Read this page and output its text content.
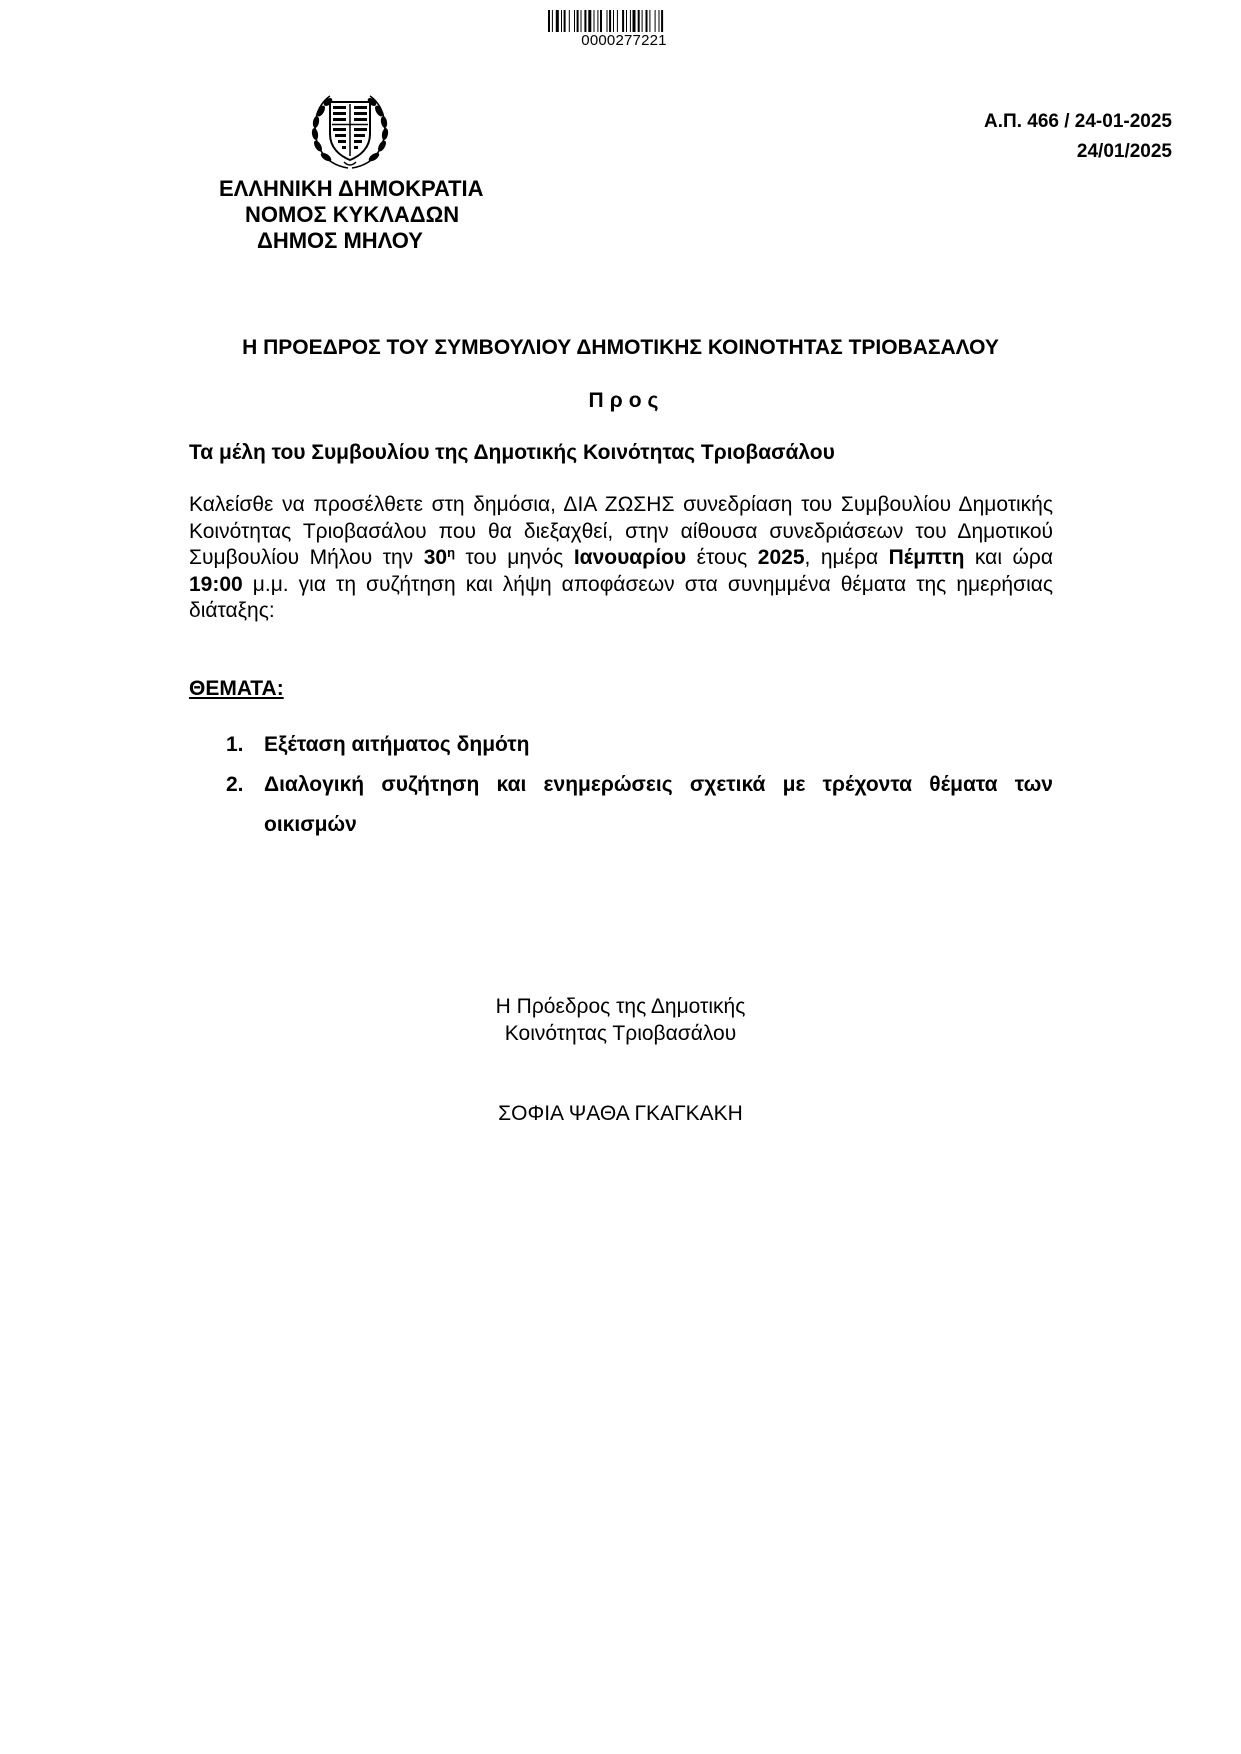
0000277221
ΕΛΛΗΝΙΚΗ ΔΗΜΟΚΡΑΤΙΑ
ΝΟΜΟΣ ΚΥΚΛΑΔΩΝ
ΔΗΜΟΣ ΜΗΛΟΥ
Α.Π. 466 / 24-01-2025
24/01/2025
Η ΠΡΟΕΔΡΟΣ ΤΟΥ ΣΥΜΒΟΥΛΙΟΥ ΔΗΜΟΤΙΚΗΣ ΚΟΙΝΟΤΗΤΑΣ ΤΡΙΟΒΑΣΑΛΟΥ
Προς
Τα μέλη του Συμβουλίου της Δημοτικής Κοινότητας Τριοβασάλου
Καλείσθε να προσέλθετε στη δημόσια, ΔΙΑ ΖΩΣΗΣ συνεδρίαση του Συμβουλίου Δημοτικής Κοινότητας Τριοβασάλου που θα διεξαχθεί, στην αίθουσα συνεδριάσεων του Δημοτικού Συμβουλίου Μήλου την $30^\eta$ του μηνός Ιανουαρίου έτους 2025, ημέρα Πέμπτη και ώρα 19:00 μ.μ. για τη συζήτηση και λήψη αποφάσεων στα συνημμένα θέματα της ημερήσιας διάταξης:
ΘΕΜΑΤΑ:
1. Εξέταση αιτήματος δημότη
2. Διαλογική συζήτηση και ενημερώσεις σχετικά με τρέχοντα θέματα των οικισμών
Η Πρόεδρος της Δημοτικής
Κοινότητας Τριοβασάλου
ΣΟΦΙΑ ΨΑΘΑ ΓΚΑΓΚΑΚΗ
